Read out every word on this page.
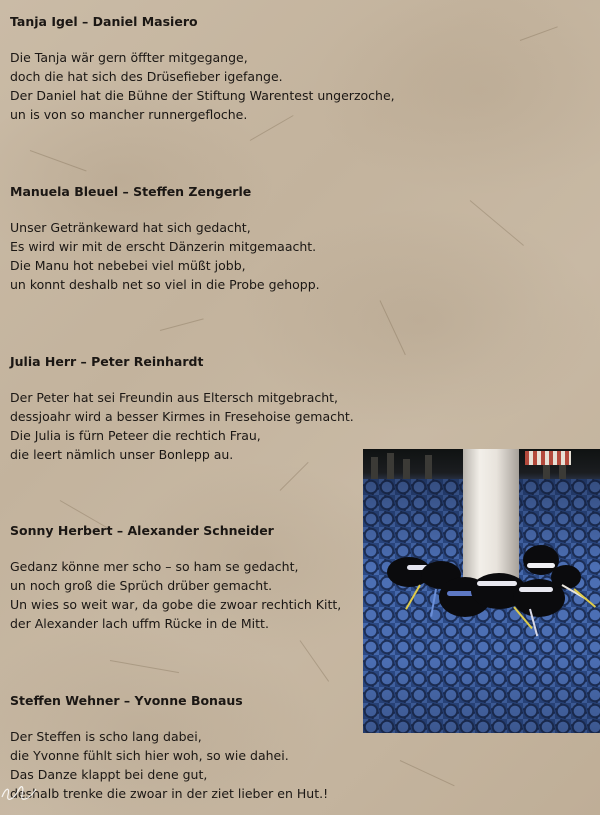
Tanja Igel – Daniel Masiero
Die Tanja wär gern öffter mitgegange,
doch die hat sich des Drüsefieber igefange.
Der Daniel hat die Bühne der Stiftung Warentest ungerzoche,
un is von so mancher runnergefloche.
Manuela Bleuel – Steffen Zengerle
Unser Getränkeward hat sich gedacht,
Es wird wir mit de erscht Dänzerin mitgemaacht.
Die Manu hot nebebei viel müßt jobb,
un konnt deshalb net so viel in die Probe gehopp.
Julia Herr – Peter Reinhardt
Der Peter hat sei Freundin aus Eltersch mitgebracht,
dessjoahr wird a besser Kirmes in Fresehoise gemacht.
Die Julia is fürn Peteer die rechtich Frau,
die leert nämlich unser Bonlepp au.
Sonny Herbert – Alexander Schneider
Gedanz könne mer scho – so ham se gedacht,
un noch groß die Sprüch drüber gemacht.
Un wies so weit war, da gobe die zwoar rechtich Kitt,
der Alexander lach uffm Rücke in de Mitt.
Steffen Wehner – Yvonne Bonaus
Der Steffen is scho lang dabei,
die Yvonne fühlt sich hier woh, so wie dahei.
Das Danze klappt bei dene gut,
deshalb trenke die zwoar in der ziet lieber en Hut.!
